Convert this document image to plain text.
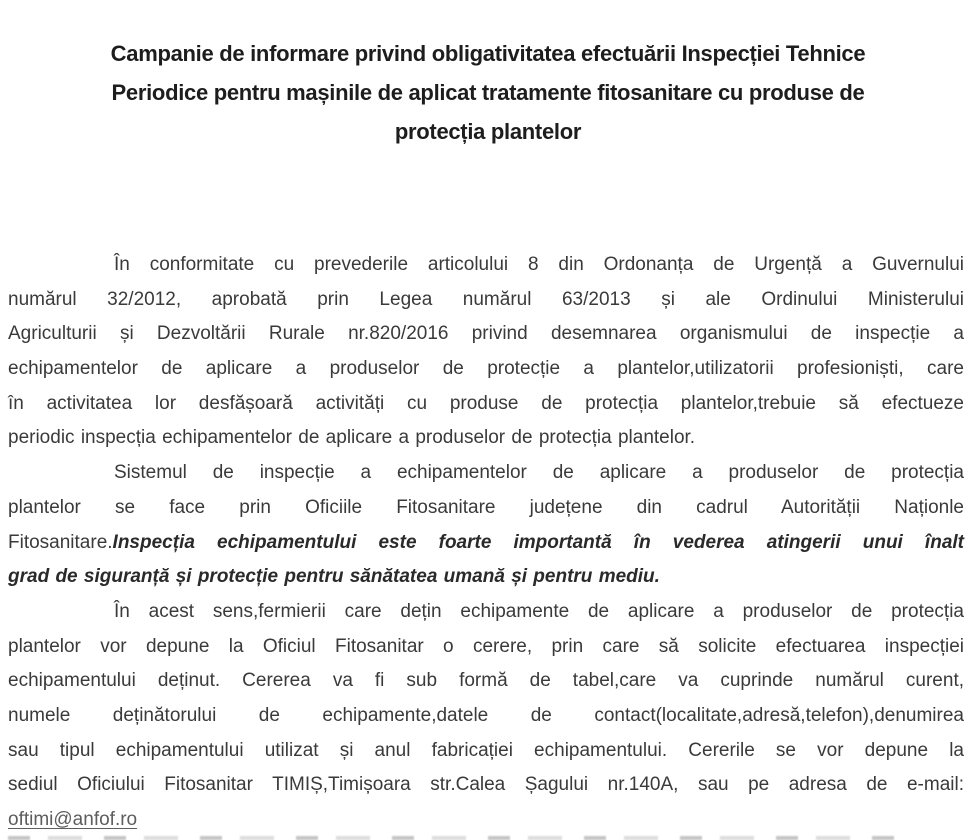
Campanie de informare privind obligativitatea efectuării Inspecției Tehnice
Periodice pentru mașinile de aplicat tratamente fitosanitare cu produse de
protecția plantelor
În conformitate cu prevederile articolului 8 din Ordonanța de Urgență a Guvernului
numărul 32/2012, aprobată prin Legea numărul 63/2013 și ale Ordinului Ministerului
Agriculturii și Dezvoltării Rurale nr.820/2016 privind desemnarea organismului de inspecție a
echipamentelor de aplicare a produselor de protecție a plantelor,utilizatorii profesioniști, care
în activitatea lor desfășoară activități cu produse de protecția plantelor,trebuie să efectueze
periodic inspecția echipamentelor de aplicare a produselor de protecția plantelor.
Sistemul de inspecție a echipamentelor de aplicare a produselor de protecția
plantelor se face prin Oficiile Fitosanitare județene din cadrul Autorității Naționle
Fitosanitare.Inspecția echipamentului este foarte importantă în vederea atingerii unui înalt
grad de siguranță și protecție pentru sănătatea umană și pentru mediu.
În acest sens,fermierii care dețin echipamente de aplicare a produselor de protecția
plantelor vor depune la Oficiul Fitosanitar o cerere, prin care să solicite efectuarea inspecției
echipamentului deținut. Cererea va fi sub formă de tabel,care va cuprinde numărul curent,
numele deținătorului de echipamente,datele de contact(localitate,adresă,telefon),denumirea
sau tipul echipamentului utilizat și anul fabricației echipamentului. Cererile se vor depune la
sediul Oficiului Fitosanitar TIMIȘ,Timișoara str.Calea Șagului nr.140A, sau pe adresa de e-mail:
oftimi@anfof.ro
